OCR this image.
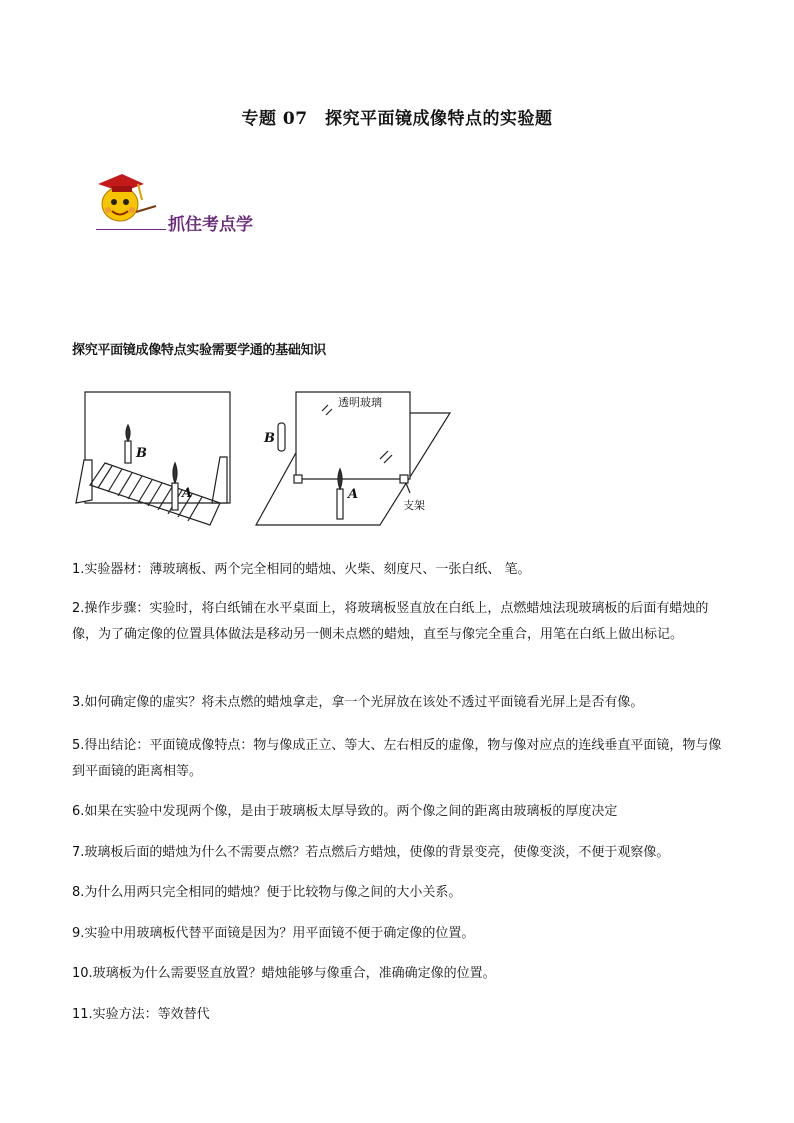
专题 07　探究平面镜成像特点的实验题
抓住考点学
探究平面镜成像特点实验需要学通的基础知识
B
A
B
A
透明玻璃
支架
1.实验器材：薄玻璃板、两个完全相同的蜡烛、火柴、刻度尺、一张白纸、 笔。
2.操作步骤：实验时，将白纸铺在水平桌面上，将玻璃板竖直放在白纸上，点燃蜡烛法现玻璃板的后面有蜡烛的像，为了确定像的位置具体做法是移动另一侧未点燃的蜡烛，直至与像完全重合，用笔在白纸上做出标记。
3.如何确定像的虚实？将未点燃的蜡烛拿走，拿一个光屏放在该处不透过平面镜看光屏上是否有像。
5.得出结论：平面镜成像特点：物与像成正立、等大、左右相反的虚像，物与像对应点的连线垂直平面镜，物与像到平面镜的距离相等。
6.如果在实验中发现两个像，是由于玻璃板太厚导致的。两个像之间的距离由玻璃板的厚度决定
7.玻璃板后面的蜡烛为什么不需要点燃？若点燃后方蜡烛，使像的背景变亮，使像变淡，不便于观察像。
8.为什么用两只完全相同的蜡烛？便于比较物与像之间的大小关系。
9.实验中用玻璃板代替平面镜是因为？用平面镜不便于确定像的位置。
10.玻璃板为什么需要竖直放置？蜡烛能够与像重合，准确确定像的位置。
11.实验方法：等效替代
